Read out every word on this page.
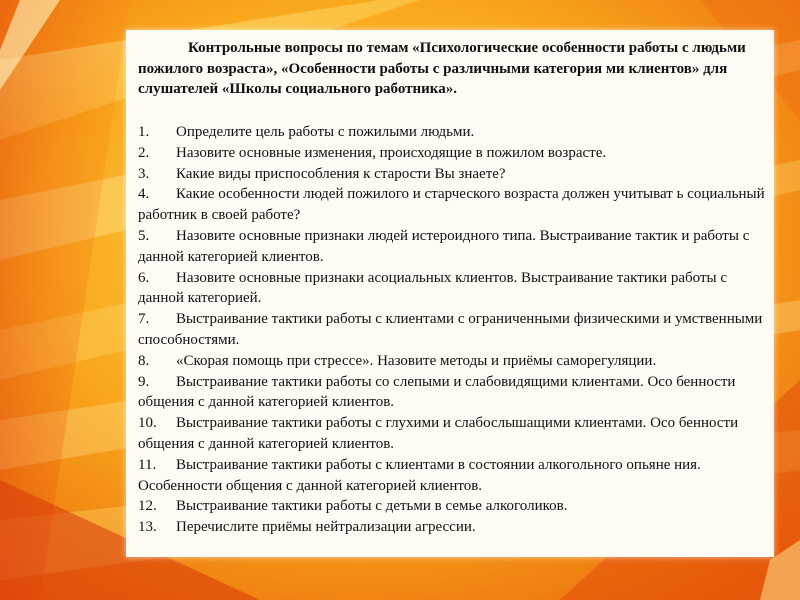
Контрольные вопросы по темам «Психологические особенности работы с людьми пожилого возраста», «Особенности работы с различными категория ми клиентов» для слушателей «Школы социального работника».

1. Определите цель работы с пожилыми людьми.
2. Назовите основные изменения, происходящие в пожилом возрасте.
3. Какие виды приспособления к старости Вы знаете?
4. Какие особенности людей пожилого и старческого возраста должен учитыват ь социальный работник в своей работе?
5. Назовите основные признаки людей истероидного типа. Выстраивание тактик и работы с данной категорией клиентов.
6. Назовите основные признаки асоциальных клиентов. Выстраивание тактики работы с данной категорией.
7. Выстраивание тактики работы с клиентами с ограниченными физическими и умственными способностями.
8. «Скорая помощь при стрессе». Назовите методы и приёмы саморегуляции.
9. Выстраивание тактики работы со слепыми и слабовидящими клиентами. Осо бенности общения с данной категорией клиентов.
10. Выстраивание тактики работы с глухими и слабослышащими клиентами. Осо бенности общения с данной категорией клиентов.
11. Выстраивание тактики работы с клиентами в состоянии алкогольного опьяне ния. Особенности общения с данной категорией клиентов.
12. Выстраивание тактики работы с детьми в семье алкоголиков.
13. Перечислите приёмы нейтрализации агрессии.
